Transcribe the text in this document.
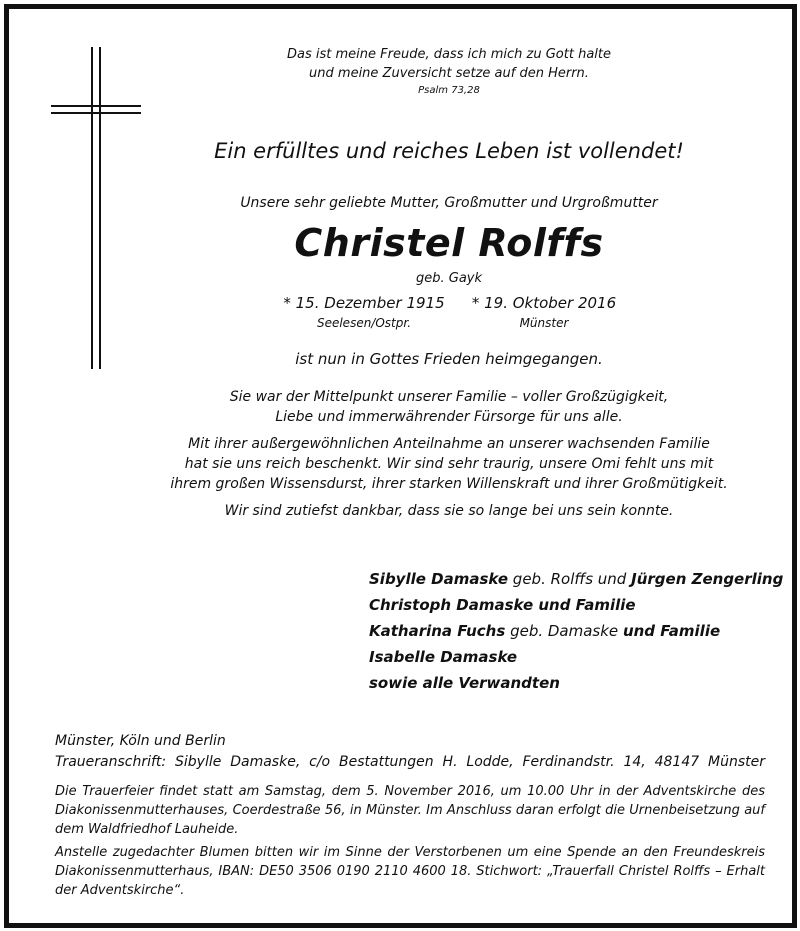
Das ist meine Freude, dass ich mich zu Gott halte
und meine Zuversicht setze auf den Herrn.
Psalm 73,28
Ein erfülltes und reiches Leben ist vollendet!
Unsere sehr geliebte Mutter, Großmutter und Urgroßmutter
Christel Rolffs
geb. Gayk
* 15. Dezember 1915
Seelesen/Ostpr.
* 19. Oktober 2016
Münster
ist nun in Gottes Frieden heimgegangen.

Sie war der Mittelpunkt unserer Familie – voller Großzügigkeit,
Liebe und immerwährender Fürsorge für uns alle.

Mit ihrer außergewöhnlichen Anteilnahme an unserer wachsenden Familie
hat sie uns reich beschenkt. Wir sind sehr traurig, unsere Omi fehlt uns mit
ihrem großen Wissensdurst, ihrer starken Willenskraft und ihrer Großmütigkeit.

Wir sind zutiefst dankbar, dass sie so lange bei uns sein konnte.

Sibylle Damaske geb. Rolffs und Jürgen Zengerling
Christoph Damaske und Familie
Katharina Fuchs geb. Damaske und Familie
Isabelle Damaske
sowie alle Verwandten
Münster, Köln und Berlin
Traueranschrift: Sibylle Damaske, c/o Bestattungen H. Lodde, Ferdinandstr. 14, 48147 Münster
Die Trauerfeier findet statt am Samstag, dem 5. November 2016, um 10.00 Uhr in der Adventskirche des Diakonissenmutterhauses, Coerdestraße 56, in Münster. Im Anschluss daran erfolgt die Urnenbeisetzung auf dem Waldfriedhof Lauheide.
Anstelle zugedachter Blumen bitten wir im Sinne der Verstorbenen um eine Spende an den Freundeskreis Diakonissenmutterhaus, IBAN: DE50 3506 0190 2110 4600 18. Stichwort: „Trauerfall Christel Rolffs – Erhalt der Adventskirche“.
